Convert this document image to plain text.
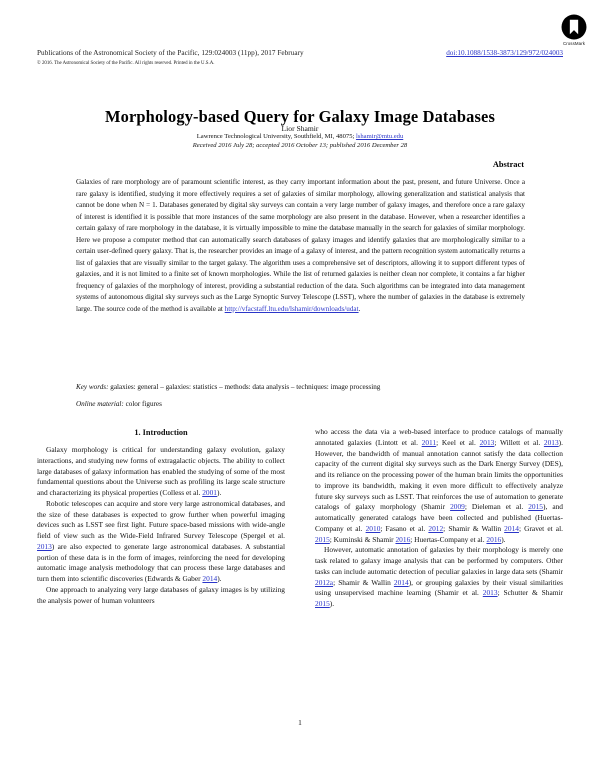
Publications of the Astronomical Society of the Pacific, 129:024003 (11pp), 2017 February
© 2016. The Astronomical Society of the Pacific. All rights reserved. Printed in the U.S.A.
doi:10.1088/1538-3873/129/972/024003
CrossMark
Morphology-based Query for Galaxy Image Databases
Lior Shamir
Lawrence Technological University, Southfield, MI, 48075; lshamir@mtu.edu
Received 2016 July 28; accepted 2016 October 13; published 2016 December 28
Abstract
Galaxies of rare morphology are of paramount scientific interest, as they carry important information about the past, present, and future Universe. Once a rare galaxy is identified, studying it more effectively requires a set of galaxies of similar morphology, allowing generalization and statistical analysis that cannot be done when N = 1. Databases generated by digital sky surveys can contain a very large number of galaxy images, and therefore once a rare galaxy of interest is identified it is possible that more instances of the same morphology are also present in the database. However, when a researcher identifies a certain galaxy of rare morphology in the database, it is virtually impossible to mine the database manually in the search for galaxies of similar morphology. Here we propose a computer method that can automatically search databases of galaxy images and identify galaxies that are morphologically similar to a certain user-defined query galaxy. That is, the researcher provides an image of a galaxy of interest, and the pattern recognition system automatically returns a list of galaxies that are visually similar to the target galaxy. The algorithm uses a comprehensive set of descriptors, allowing it to support different types of galaxies, and it is not limited to a finite set of known morphologies. While the list of returned galaxies is neither clean nor complete, it contains a far higher frequency of galaxies of the morphology of interest, providing a substantial reduction of the data. Such algorithms can be integrated into data management systems of autonomous digital sky surveys such as the Large Synoptic Survey Telescope (LSST), where the number of galaxies in the database is extremely large. The source code of the method is available at http://vfacstaff.ltu.edu/lshamir/downloads/udat.
Key words: galaxies: general – galaxies: statistics – methods: data analysis – techniques: image processing
Online material: color figures
1. Introduction

Galaxy morphology is critical for understanding galaxy evolution, galaxy interactions, and studying new forms of extragalactic objects. The ability to collect large databases of galaxy information has enabled the studying of some of the most fundamental questions about the Universe such as profiling its large scale structure and characterizing its physical properties (Colless et al. 2001).

Robotic telescopes can acquire and store very large astronomical databases, and the size of these databases is expected to grow further when powerful imaging devices such as LSST see first light. Future space-based missions with wide-angle field of view such as the Wide-Field Infrared Survey Telescope (Spergel et al. 2013) are also expected to generate large astronomical databases. A substantial portion of these data is in the form of images, reinforcing the need for developing automatic image analysis methodology that can process these large databases and turn them into scientific discoveries (Edwards & Gaber 2014).

One approach to analyzing very large databases of galaxy images is by utilizing the analysis power of human volunteers

who access the data via a web-based interface to produce catalogs of manually annotated galaxies (Lintott et al. 2011; Keel et al. 2013; Willett et al. 2013). However, the bandwidth of manual annotation cannot satisfy the data collection capacity of the current digital sky surveys such as the Dark Energy Survey (DES), and its reliance on the processing power of the human brain limits the opportunities to improve its bandwidth, making it even more difficult to effectively analyze future sky surveys such as LSST. That reinforces the use of automation to generate catalogs of galaxy morphology (Shamir 2009; Dieleman et al. 2015), and automatically generated catalogs have been collected and published (Huertas-Company et al. 2010; Fasano et al. 2012; Shamir & Wallin 2014; Gravet et al. 2015; Kuminski & Shamir 2016; Huertas-Company et al. 2016).

However, automatic annotation of galaxies by their morphology is merely one task related to galaxy image analysis that can be performed by computers. Other tasks can include automatic detection of peculiar galaxies in large data sets (Shamir 2012a; Shamir & Wallin 2014), or grouping galaxies by their visual similarities using unsupervised machine learning (Shamir et al. 2013; Schutter & Shamir 2015).

1
